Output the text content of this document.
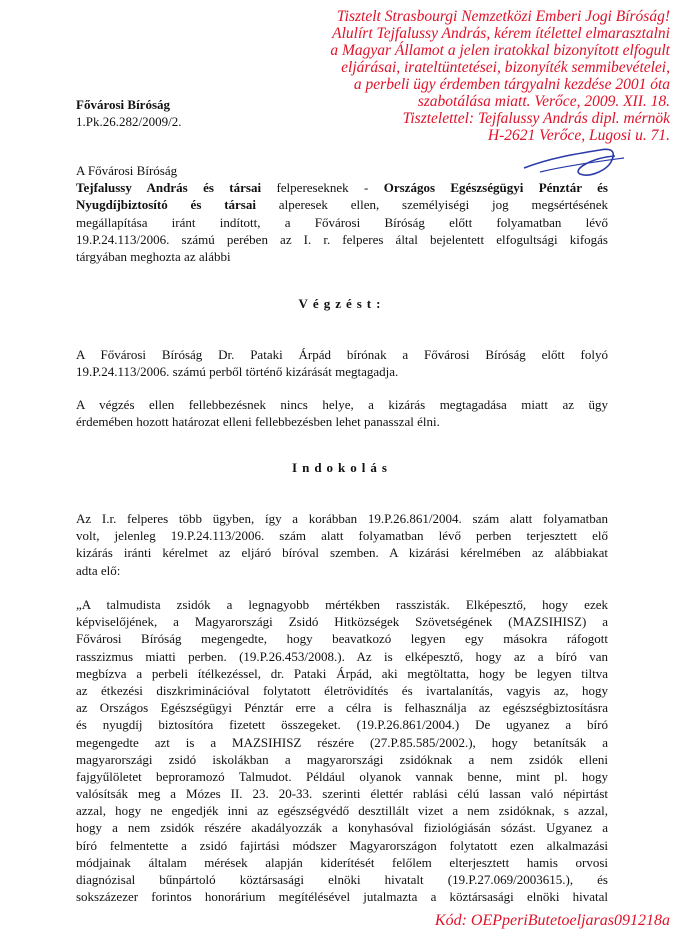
Tisztelt Strasbourgi Nemzetközi Emberi Jogi Bíróság!
Alulírt Tejfalussy András, kérem ítélettel elmarasztalni
a Magyar Államot a jelen iratokkal bizonyított elfogult
eljárásai, irateltüntetései, bizonyíték semmibevételei,
a perbeli ügy érdemben tárgyalni kezdése 2001 óta
szabotálása miatt. Verőce, 2009. XII. 18.
Tisztelettel: Tejfalussy András dipl. mérnök
H-2621 Verőce, Lugosi u. 71.
Fővárosi Bíróság
1.Pk.26.282/2009/2.
A Fővárosi Bíróság
Tejfalussy András és társai felpereseknek - Országos Egészségügyi Pénztár és
Nyugdíjbiztosító és társai alperesek ellen, személyiségi jog megsértésének
megállapítása iránt indított, a Fővárosi Bíróság előtt folyamatban lévő
19.P.24.113/2006. számú perében az I. r. felperes által bejelentett elfogultsági kifogás
tárgyában meghozta az alábbi
Végzést:
A Fővárosi Bíróság Dr. Pataki Árpád bírónak a Fővárosi Bíróság előtt folyó
19.P.24.113/2006. számú perből történő kizárását megtagadja.
A végzés ellen fellebbezésnek nincs helye, a kizárás megtagadása miatt az ügy
érdemében hozott határozat elleni fellebbezésben lehet panasszal élni.
Indokolás
Az I.r. felperes több ügyben, így a korábban 19.P.26.861/2004. szám alatt folyamatban
volt, jelenleg 19.P.24.113/2006. szám alatt folyamatban lévő perben terjesztett elő
kizárás iránti kérelmet az eljáró bíróval szemben. A kizárási kérelmében az alábbiakat
adta elő:
„A talmudista zsidók a legnagyobb mértékben rasszisták. Elképesztő, hogy ezek
képviselőjének, a Magyarországi Zsidó Hitközségek Szövetségének (MAZSIHISZ) a
Fővárosi Bíróság megengedte, hogy beavatkozó legyen egy másokra ráfogott
rasszizmus miatti perben. (19.P.26.453/2008.). Az is elképesztő, hogy az a bíró van
megbízva a perbeli ítélkezéssel, dr. Pataki Árpád, aki megtöltatta, hogy be legyen tiltva
az étkezési diszkriminációval folytatott életrövidítés és ivartalanítás, vagyis az, hogy
az Országos Egészségügyi Pénztár erre a célra is felhasználja az egészségbiztosításra
és nyugdíj biztosítóra fizetett összegeket. (19.P.26.861/2004.) De ugyanez a bíró
megengedte azt is a MAZSIHISZ részére (27.P.85.585/2002.), hogy betanítsák a
magyarországi zsidó iskolákban a magyarországi zsidóknak a nem zsidók elleni
fajgyűlöletet beproramozó Talmudot. Például olyanok vannak benne, mint pl. hogy
valósítsák meg a Mózes II. 23. 20-33. szerinti élettér rablási célú lassan való népirtást
azzal, hogy ne engedjék inni az egészségvédő desztillált vizet a nem zsidóknak, s azzal,
hogy a nem zsidók részére akadályozzák a konyhasóval fiziológiásán sózást. Ugyanez a
bíró felmentette a zsidó fajirtási módszer Magyarországon folytatott ezen alkalmazási
módjainak általam mérések alapján kiderítését felőlem elterjesztett hamis orvosi
diagnózisal bűnpártoló köztársasági elnöki hivatalt (19.P.27.069/2003615.), és
sokszázezer forintos honorárium megítélésével jutalmazta a köztársasági elnöki hivatal
Kód: OEPperiButetoeljaras091218a
